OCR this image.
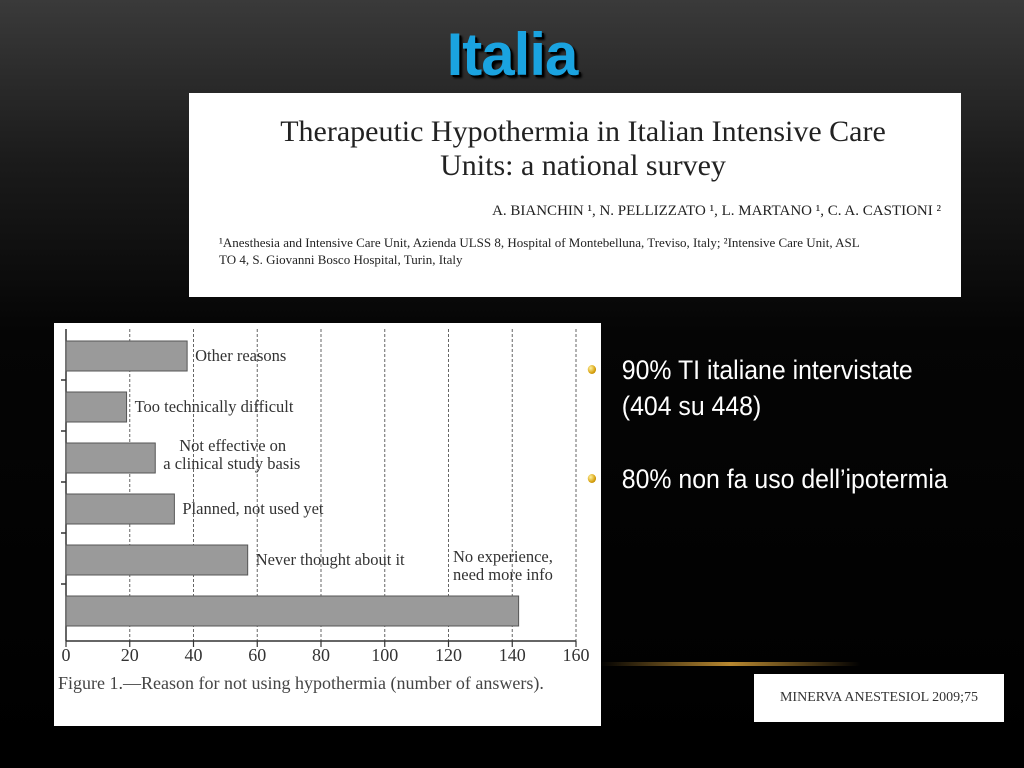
Italia
Therapeutic Hypothermia in Italian Intensive Care
Units: a national survey
A. BIANCHIN ¹, N. PELLIZZATO ¹, L. MARTANO ¹, C. A. CASTIONI ²
¹Anesthesia and Intensive Care Unit, Azienda ULSS 8, Hospital of Montebelluna, Treviso, Italy; ²Intensive Care Unit, ASL
TO 4, S. Giovanni Bosco Hospital, Turin, Italy
0	20	40	60	80 100 120 140 160
Other reasons
Too technically difficult
Not effective on
a clinical study basis
Planned, not used yet
Never thought about it	No experience,
need more info
Figure 1.—Reason for not using hypothermia (number of answers).
90% TI italiane intervistate
(404 su 448)
80% non fa uso dell’ipotermia
MINERVA ANESTESIOL 2009;75
